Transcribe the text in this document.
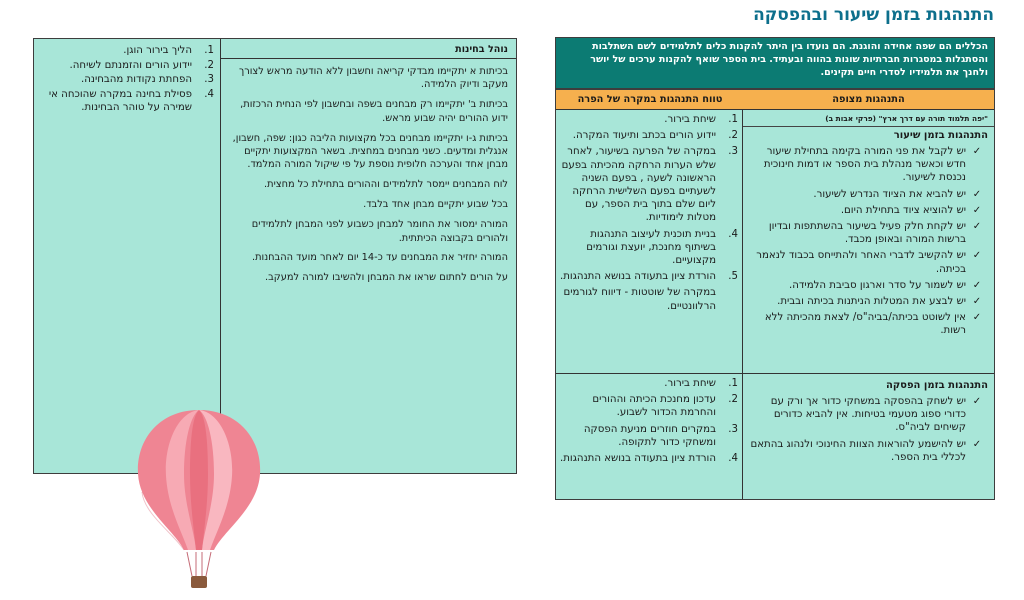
נוהל בחינות

בכיתות א יתקיימו מבדקי קריאה וחשבון ללא הודעה מראש לצורך מעקב ודיוק הלמידה.

בכיתות ב' יתקיימו רק מבחנים בשפה ובחשבון לפי הנחית הרכזות, ידוע ההורים יהיה שבוע מראש.

בכיתות ג-ו יתקיימו מבחנים בכל מקצועות הליבה כגון: שפה, חשבון, אנגלית ומדעים. כשני מבחנים במחצית. בשאר המקצועות יתקיים מבחן אחד והערכה חלופית נוספת על פי שיקול המורה המלמד.

לוח המבחנים יימסר לתלמידים וההורים בתחילת כל מחצית.

בכל שבוע יתקיים מבחן אחד בלבד.

המורה ימסור את החומר למבחן כשבוע לפני המבחן לתלמידים ולהורים בקבוצה הכיתתית.

המורה יחזיר את המבחנים עד כ-14 יום לאחר מועד ההבחנות.

על הורים לחתום שראו את המבחן ולהשיבו למורה למעקב.

1.
הליך בירור הוגן.
2.
יידוע הורים והזמנתם לשיחה.
3.
הפחתת נקודות מהבחינה.
4.
פסילת בחינה במקרה שהוכחה אי שמירה על טוהר הבחינות.
התנהגות בזמן שיעור ובהפסקה
הכללים הם שפה אחידה והוגנת. הם נועדו בין היתר להקנות כלים לתלמידים לשם השתלבות והסתגלות במסגרות חברתיות שונות בהווה ובעתיד. בית הספר שואף להקנות ערכים של יושר ולחנך את תלמידיו לסדרי חיים תקינים.
התנהגות מצופה
טווח התנהגות במקרה של הפרה
"יפה תלמוד תורה עם דרך ארץ" (פרקי אבות ב)
התנהגות בזמן שיעור
✓
יש לקבל את פני המורה בקימה בתחילת שיעור חדש וכאשר מנהלת בית הספר או דמות חינוכית נכנסת לשיעור.
✓
יש להביא את הציוד הנדרש לשיעור.
✓
יש להוציא ציוד בתחילת היום.
✓
יש לקחת חלק פעיל בשיעור בהשתתפות ובדיון ברשות המורה ובאופן מכבד.
✓
יש להקשיב לדברי האחר ולהתייחס בכבוד לנאמר בכיתה.
✓
יש לשמור על סדר וארגון סביבת הלמידה.
✓
יש לבצע את המטלות הניתנות בכיתה ובבית.
✓
אין לשוטט בכיתה/בביה"ס/ לצאת מהכיתה ללא רשות.
1.
שיחת בירור.
2.
יידוע הורים בכתב ותיעוד המקרה.
3.
במקרה של הפרעה בשיעור, לאחר שלש הערות הרחקה מהכיתה בפעם הראשונה לשעה , בפעם השניה לשעתיים בפעם השלישית הרחקה ליום שלם בתוך בית הספר, עם מטלות לימודיות.
4.
בניית תוכנית לעיצוב התנהגות בשיתוף מחנכת, יועצת וגורמים מקצועיים.
5.
הורדת ציון בתעודה בנושא התנהגות.
במקרה של שוטטות - דיווח לגורמים הרלוונטיים.
התנהגות בזמן הפסקה
✓
יש לשחק בהפסקה במשחקי כדור אך ורק עם כדורי ספוג מטעמי בטיחות. אין להביא כדורים קשיחים לביה"ס.
✓
יש להישמע להוראות הצוות החינוכי ולנהוג בהתאם לכללי בית הספר.
1.
שיחת בירור.
2.
עדכון מחנכת הכיתה וההורים והחרמת הכדור לשבוע.
3.
במקרים חוזרים מניעת הפסקה ומשחקי כדור לתקופה.
4.
הורדת ציון בתעודה בנושא התנהגות.
